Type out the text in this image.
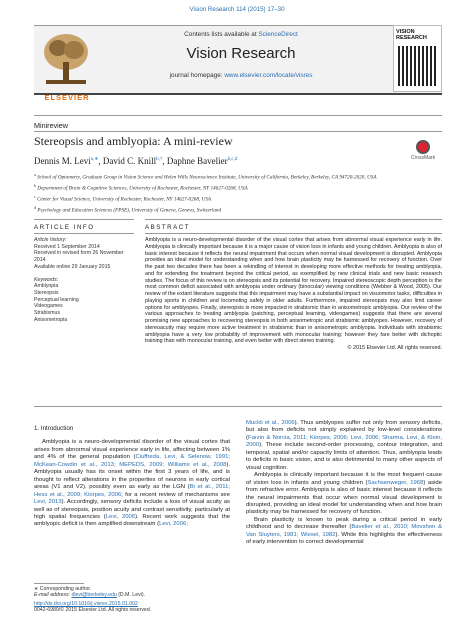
Vision Research 114 (2015) 17–30
ELSEVIER
Contents lists available at ScienceDirect
Vision Research
journal homepage: www.elsevier.com/locate/visres
VISION RESEARCH
Minireview
Stereopsis and amblyopia: A mini-review
CrossMark
Dennis M. Levi$^{a,∗}$, David C. Knill$^{b,\dagger}$, Daphne Bavelier$^{b,c,d}$
$^a$ School of Optometry, Graduate Group in Vision Science and Helen Wills Neuroscience Institute, University of California, Berkeley, Berkeley, CA 94720-2020, USA
$^b$ Department of Brain & Cognitive Sciences, University of Rochester, Rochester, NY 14627-0268, USA
$^c$ Center for Visual Science, University of Rochester, Rochester, NY 14627-0268, USA
$^d$ Psychology and Education Sciences (FPSE), University of Geneva, Geneva, Switzerland
ARTICLE INFO	ABSTRACT
Article history:
Received 1 September 2014
Received in revised form 26 November 2014
Available online 29 January 2015
Keywords:
Amblyopia
Stereopsis
Perceptual learning
Videogames
Strabismus
Anisometropia
Amblyopia is a neuro-developmental disorder of the visual cortex that arises from abnormal visual experience early in life. Amblyopia is clinically important because it is a major cause of vision loss in infants and young children. Amblyopia is also of basic interest because it reflects the neural impairment that occurs when normal visual development is disrupted. Amblyopia provides an ideal model for understanding when and how brain plasticity may be harnessed for recovery of function. Over the past two decades there has been a rekindling of interest in developing more effective methods for treating amblyopia, and for extending the treatment beyond the critical period, as exemplified by new clinical trials and new basic research studies. The focus of this review is on stereopsis and its potential for recovery. Impaired stereoscopic depth perception is the most common deficit associated with amblyopia under ordinary (binocular) viewing conditions (Webber & Wood, 2005). Our review of the extant literature suggests that this impairment may have a substantial impact on visuomotor tasks, difficulties in playing sports in children and locomoting safely in older adults. Furthermore, impaired stereopsis may also limit career options for amblyopes. Finally, stereopsis is more impacted in strabismic than in anisometropic amblyopia. Our review of the various approaches to treating amblyopia (patching, perceptual learning, videogames) suggests that there are several promising new approaches to recovering stereopsis in both anisometropic and strabismic amblyopes. However, recovery of stereoacuity may require more active treatment in strabismic than in anisometropic amblyopia. Individuals with strabismic amblyopia have a very low probability of improvement with monocular training; however they fare better with dichoptic training than with monocular training, and even better with direct stereo training.
© 2015 Elsevier Ltd. All rights reserved.
1. Introduction
Amblyopia is a neuro-developmental disorder of the visual cortex that arises from abnormal visual experience early in life, affecting between 1% and 4% of the general population (Ciuffreda, Levi, & Selenow, 1991; McKean-Cowdin et al., 2013; MEPEDS, 2009; Williams et al., 2008). Amblyopia usually has its onset within the first 3 years of life, and is thought to reflect alterations in the properties of neurons in early cortical areas (V1 and V2), possibly even as early as the LGN (Bi et al., 2011; Hess et al., 2009; Kiorpes, 2006; for a recent review of mechanisms see Levi, 2013). Accordingly, sensory deficits include a loss of visual acuity as well as of stereopsis, position acuity and contrast sensitivity, particularly at high spatial frequencies (Levi, 2006). Recent work suggests that the amblyopic deficit is then amplified downstream (Levi, 2006;
Muckli et al., 2006). Thus amblyopes suffer not only from sensory deficits, but also from deficits not simply explained by low-level considerations (Farzin & Norcia, 2011; Kiorpes, 2006; Levi, 2006; Sharma, Levi, & Klein, 2000). These include second-order processing, contour integration, and temporal, spatial and/or capacity limits of attention. Thus, amblyopia leads to deficits in basic vision, and is also detrimental to many other aspects of visual cognition.
Amblyopia is clinically important because it is the most frequent cause of vision loss in infants and young children (Sachsenweger, 1968) aside from refractive error. Amblyopia is also of basic interest because it reflects the neural impairments that occur when normal visual development is disrupted, providing an ideal model for understanding when and how brain plasticity may be harnessed for recovery of function.
Brain plasticity is known to peak during a critical period in early childhood and to decrease thereafter (Bavelier et al., 2010; Movshon & Van Sluyters, 1981; Wiesel, 1982). While this highlights the effectiveness of early intervention to correct developmental
∗ Corresponding author.
E-mail address: dlevi@berkeley.edu (D.M. Levi).
http://dx.doi.org/10.1016/j.visres.2015.01.002
0042-6989/© 2015 Elsevier Ltd. All rights reserved.
